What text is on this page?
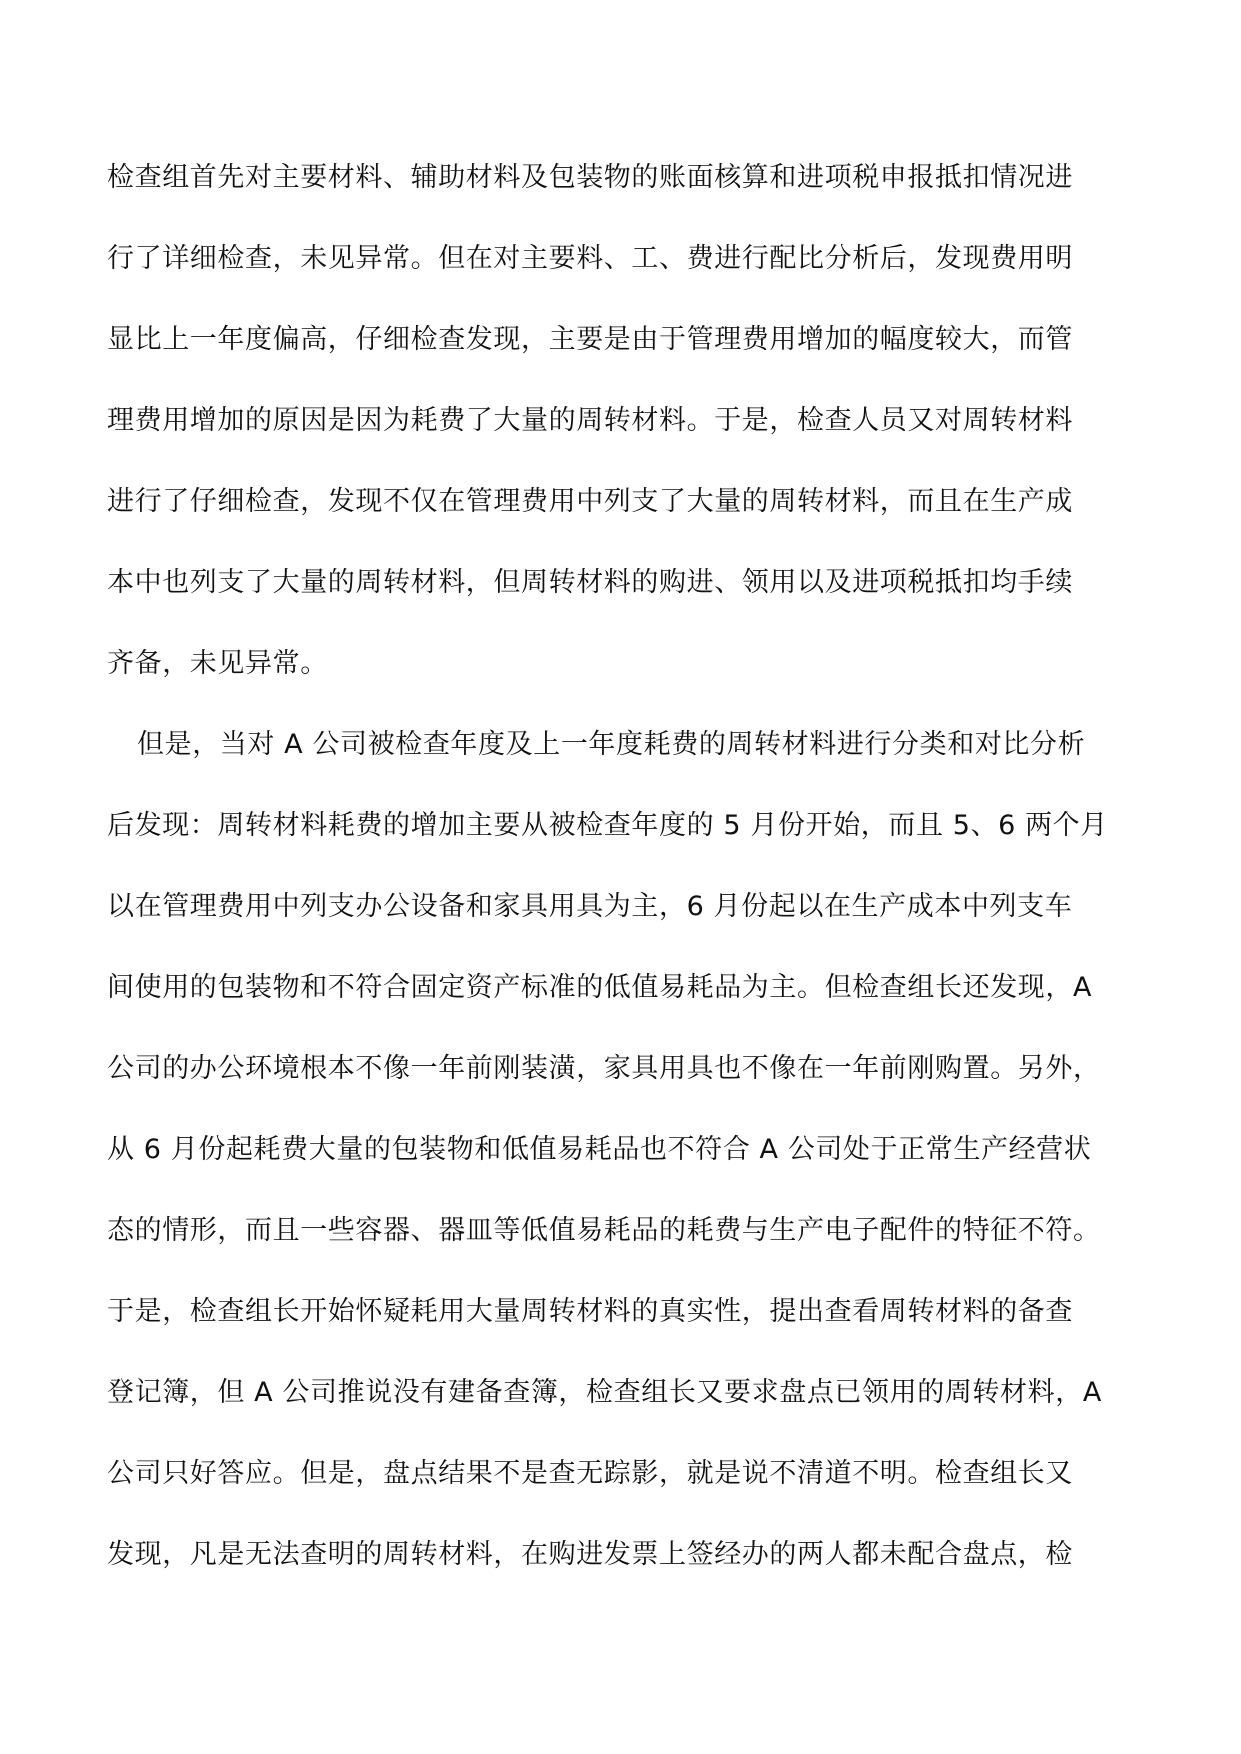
检查组首先对主要材料、辅助材料及包装物的账面核算和进项税申报抵扣情况进
行了详细检查，未见异常。但在对主要料、工、费进行配比分析后，发现费用明
显比上一年度偏高，仔细检查发现，主要是由于管理费用增加的幅度较大，而管
理费用增加的原因是因为耗费了大量的周转材料。于是，检查人员又对周转材料
进行了仔细检查，发现不仅在管理费用中列支了大量的周转材料，而且在生产成
本中也列支了大量的周转材料，但周转材料的购进、领用以及进项税抵扣均手续
齐备，未见异常。
但是，当对 A 公司被检查年度及上一年度耗费的周转材料进行分类和对比分析
后发现：周转材料耗费的增加主要从被检查年度的 5 月份开始，而且 5、6 两个月
以在管理费用中列支办公设备和家具用具为主，6 月份起以在生产成本中列支车
间使用的包装物和不符合固定资产标准的低值易耗品为主。但检查组长还发现，A
公司的办公环境根本不像一年前刚装潢，家具用具也不像在一年前刚购置。另外，
从 6 月份起耗费大量的包装物和低值易耗品也不符合 A 公司处于正常生产经营状
态的情形，而且一些容器、器皿等低值易耗品的耗费与生产电子配件的特征不符。
于是，检查组长开始怀疑耗用大量周转材料的真实性，提出查看周转材料的备查
登记簿，但 A 公司推说没有建备查簿，检查组长又要求盘点已领用的周转材料，A
公司只好答应。但是，盘点结果不是查无踪影，就是说不清道不明。检查组长又
发现，凡是无法查明的周转材料，在购进发票上签经办的两人都未配合盘点，检
